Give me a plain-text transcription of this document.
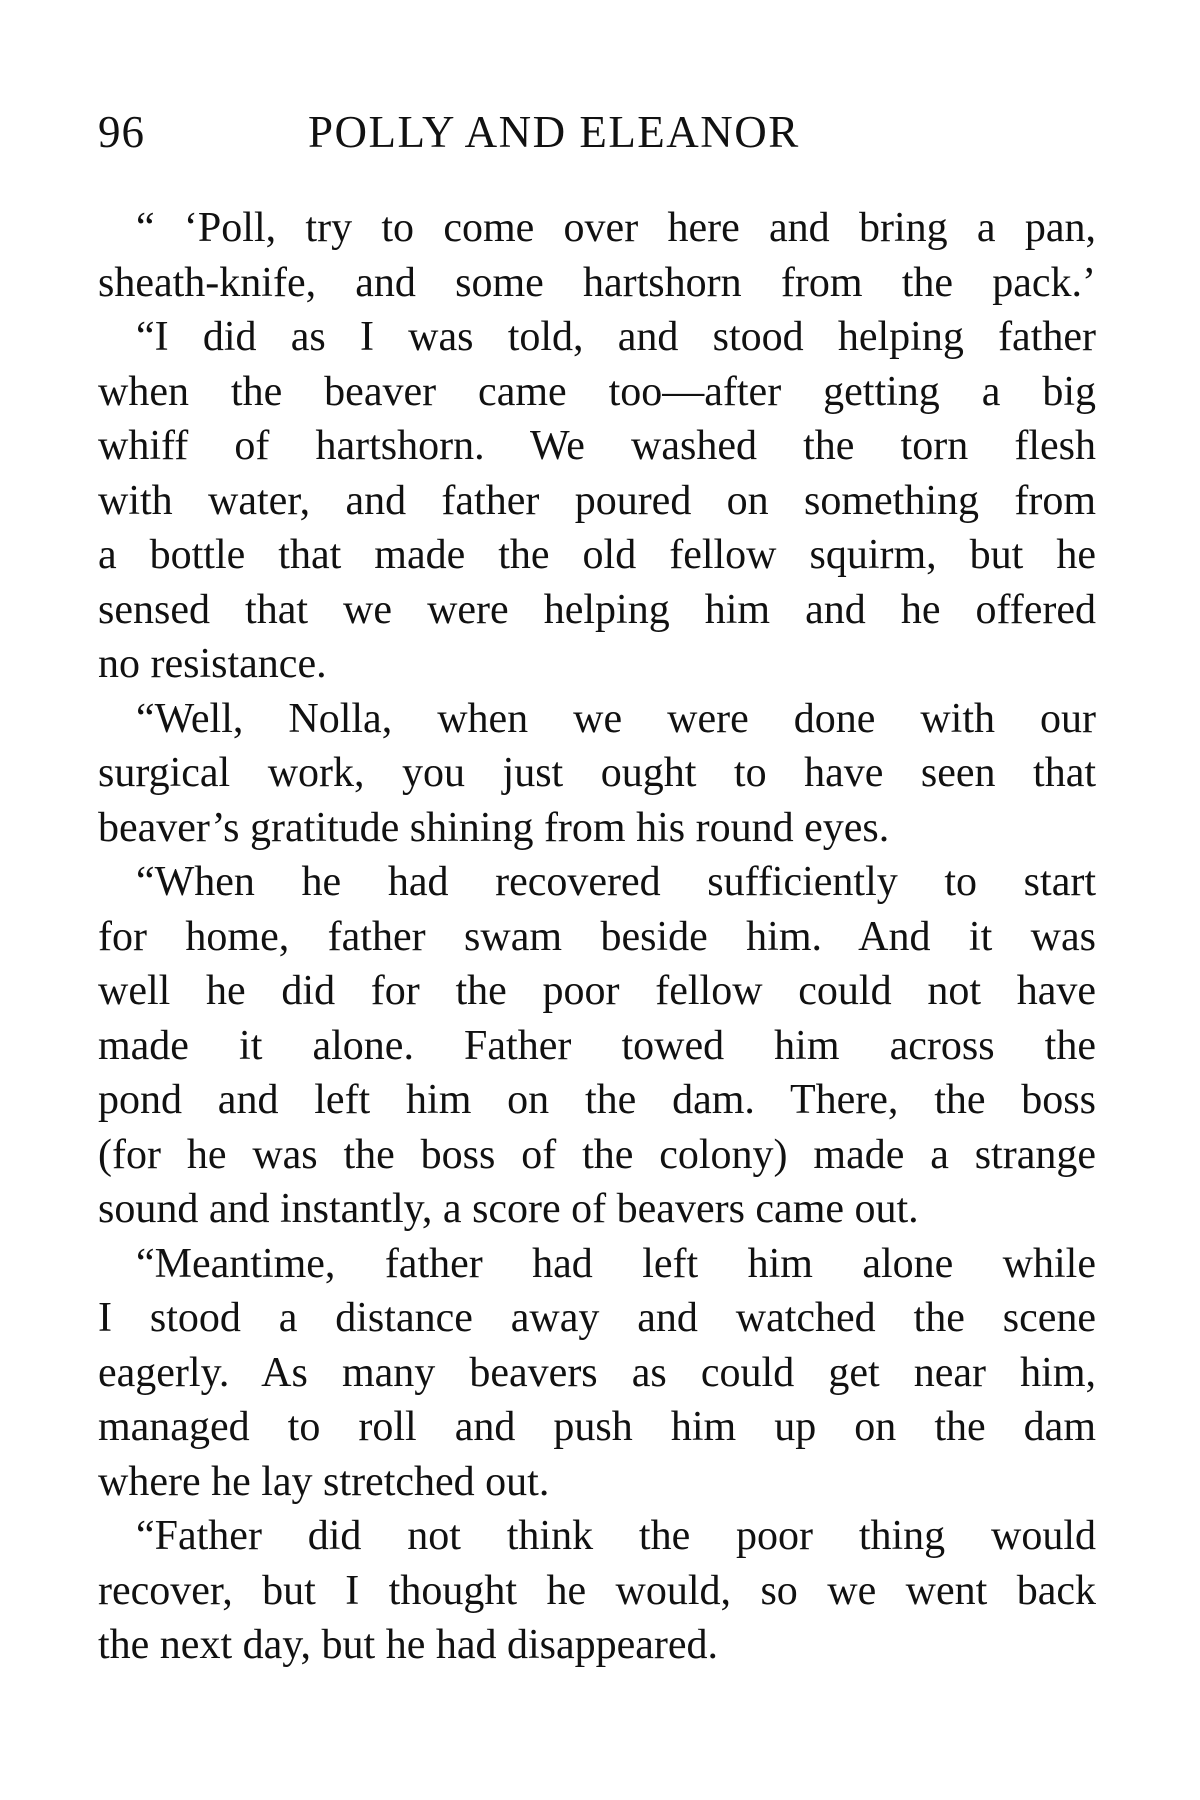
96	POLLY AND ELEANOR
“ ‘Poll, try to come over here and bring a pan,
sheath-knife, and some hartshorn from the pack.’
“I did as I was told, and stood helping father
when the beaver came too—after getting a big
whiff of hartshorn. We washed the torn flesh
with water, and father poured on something from
a bottle that made the old fellow squirm, but he
sensed that we were helping him and he offered
no resistance.
“Well, Nolla, when we were done with our
surgical work, you just ought to have seen that
beaver’s gratitude shining from his round eyes.
“When he had recovered sufficiently to start
for home, father swam beside him. And it was
well he did for the poor fellow could not have
made it alone. Father towed him across the
pond and left him on the dam. There, the boss
(for he was the boss of the colony) made a strange
sound and instantly, a score of beavers came out.
“Meantime, father had left him alone while
I stood a distance away and watched the scene
eagerly. As many beavers as could get near him,
managed to roll and push him up on the dam
where he lay stretched out.
“Father did not think the poor thing would
recover, but I thought he would, so we went back
the next day, but he had disappeared.
